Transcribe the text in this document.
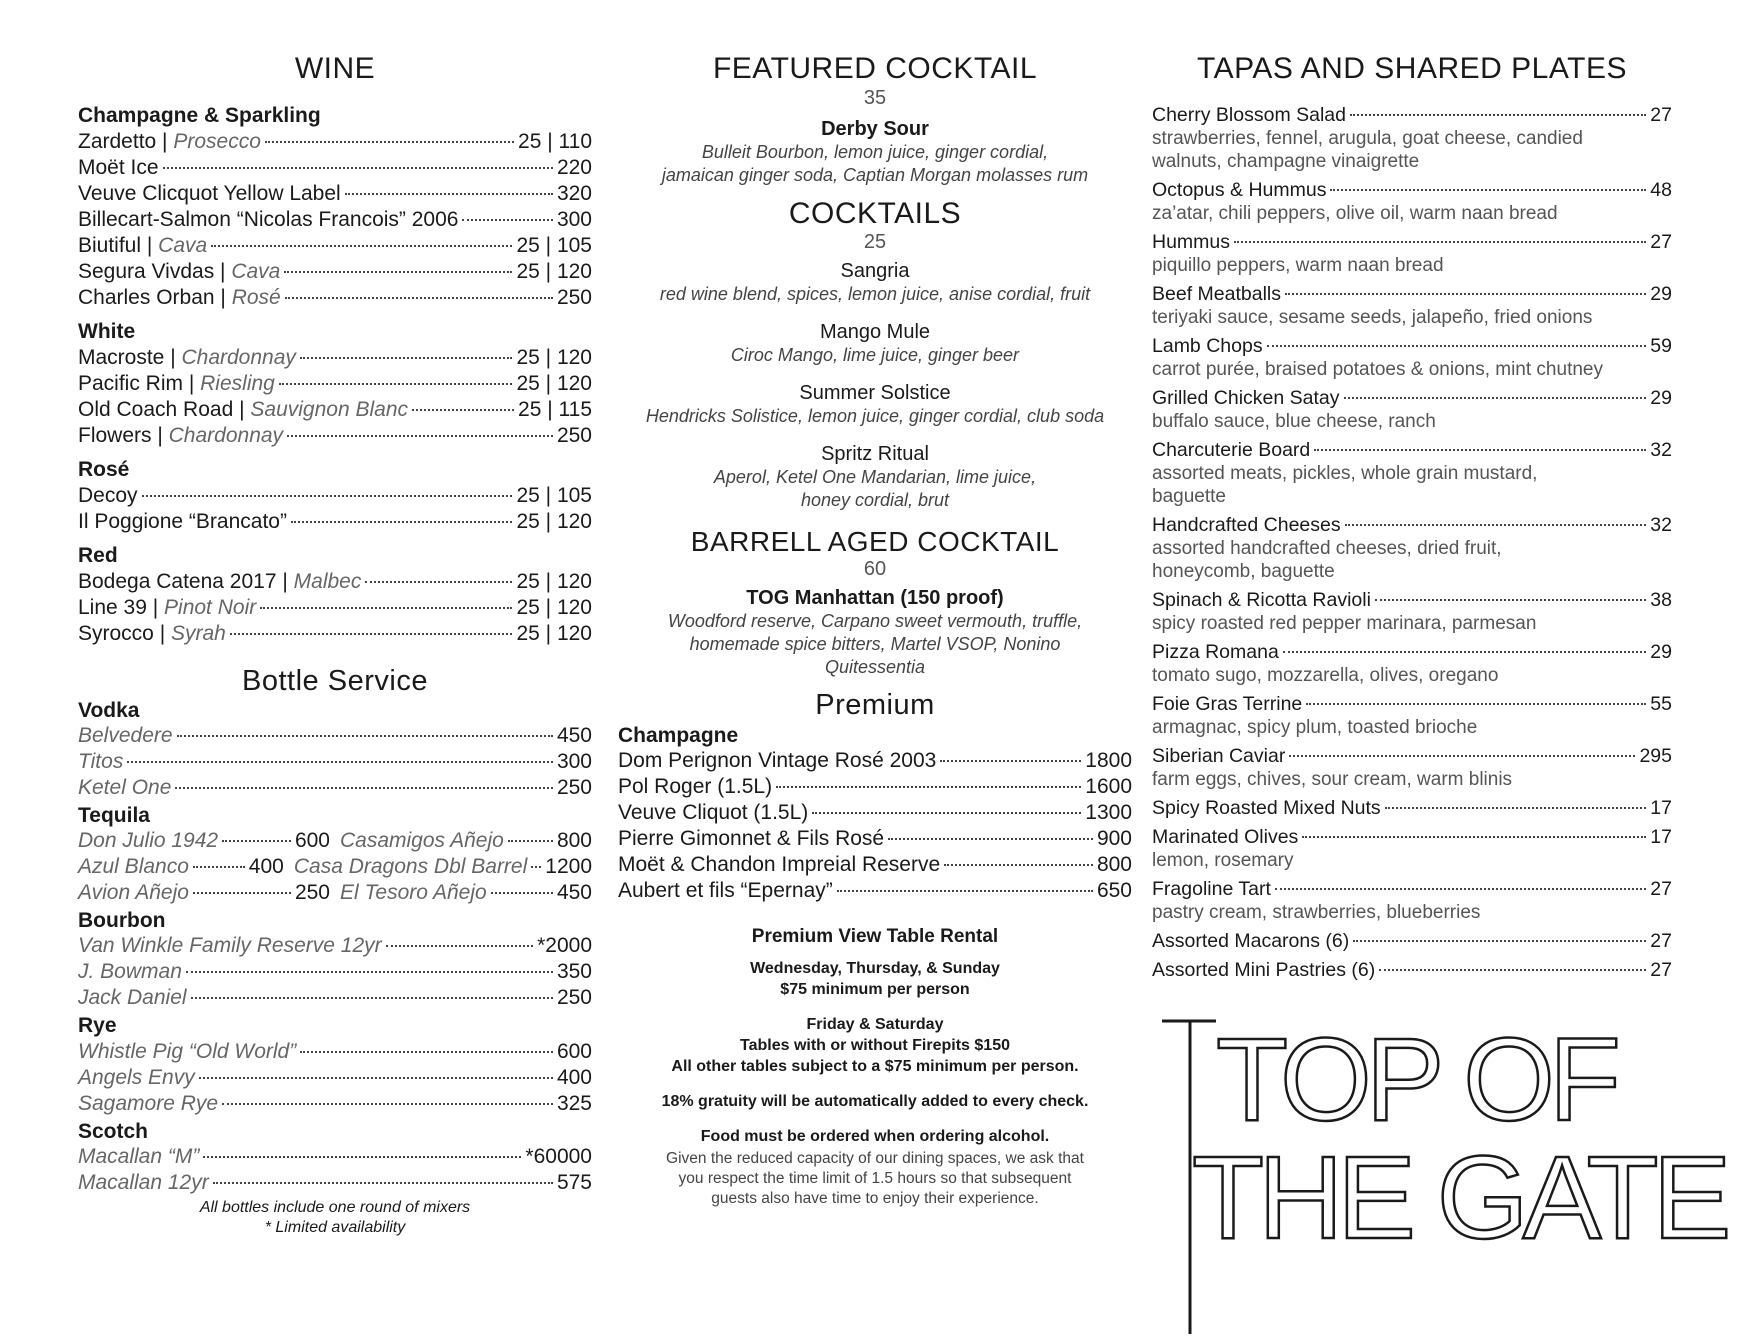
WINE
Champagne & Sparkling
Zardetto | Prosecco	25 | 110
Moët Ice	220
Veuve Clicquot Yellow Label	320
Billecart-Salmon “Nicolas Francois” 2006	300
Biutiful | Cava	25 | 105
Segura Vivdas | Cava	25 | 120
Charles Orban | Rosé	250
White
Macroste | Chardonnay	25 | 120
Pacific Rim | Riesling	25 | 120
Old Coach Road | Sauvignon Blanc	25 | 115
Flowers | Chardonnay	250
Rosé
Decoy	25 | 105
Il Poggione “Brancato”	25 | 120
Red
Bodega Catena 2017 | Malbec	25 | 120
Line 39 | Pinot Noir	25 | 120
Syrocco | Syrah	25 | 120
Bottle Service
Vodka
Belvedere	450
Titos	300
Ketel One	250
Tequila
Don Julio 1942	600 Casamigos Añejo	800
Azul Blanco	400 Casa Dragons Dbl Barrel 1200
Avion Añejo	250 El Tesoro Añejo	450
Bourbon
Van Winkle Family Reserve 12yr	*2000
J. Bowman	350
Jack Daniel	250
Rye
Whistle Pig “Old World”	600
Angels Envy	400
Sagamore Rye	325
Scotch
Macallan “M”	*60000
Macallan 12yr	575
All bottles include one round of mixers
* Limited availability
FEATURED COCKTAIL
35
Derby Sour
Bulleit Bourbon, lemon juice, ginger cordial,
jamaican ginger soda, Captian Morgan molasses rum
COCKTAILS
25
Sangria
red wine blend, spices, lemon juice, anise cordial, fruit
Mango Mule
Ciroc Mango, lime juice, ginger beer
Summer Solstice
Hendricks Solistice, lemon juice, ginger cordial, club soda
Spritz Ritual
Aperol, Ketel One Mandarian, lime juice,
honey cordial, brut
BARRELL AGED COCKTAIL
60
TOG Manhattan (150 proof)
Woodford reserve, Carpano sweet vermouth, truffle,
homemade spice bitters, Martel VSOP, Nonino
Quitessentia
Premium
Champagne
Dom Perignon Vintage Rosé 2003	1800
Pol Roger (1.5L)	1600
Veuve Cliquot (1.5L)	1300
Pierre Gimonnet & Fils Rosé	900
Moët & Chandon Impreial Reserve	800
Aubert et fils “Epernay”	650
Premium View Table Rental
Wednesday, Thursday, & Sunday
$75 minimum per person
Friday & Saturday
Tables with or without Firepits $150
All other tables subject to a $75 minimum per person.
18% gratuity will be automatically added to every check.
Food must be ordered when ordering alcohol.
Given the reduced capacity of our dining spaces, we ask that
you respect the time limit of 1.5 hours so that subsequent
guests also have time to enjoy their experience.
TAPAS AND SHARED PLATES
Cherry Blossom Salad	27
strawberries, fennel, arugula, goat cheese, candied
walnuts, champagne vinaigrette
Octopus & Hummus	48
za’atar, chili peppers, olive oil, warm naan bread
Hummus	27
piquillo peppers, warm naan bread
Beef Meatballs	29
teriyaki sauce, sesame seeds, jalapeño, fried onions
Lamb Chops	59
carrot purée, braised potatoes & onions, mint chutney
Grilled Chicken Satay	29
buffalo sauce, blue cheese, ranch
Charcuterie Board	32
assorted meats, pickles, whole grain mustard,
baguette
Handcrafted Cheeses	32
assorted handcrafted cheeses, dried fruit,
honeycomb, baguette
Spinach & Ricotta Ravioli	38
spicy roasted red pepper marinara, parmesan
Pizza Romana	29
tomato sugo, mozzarella, olives, oregano
Foie Gras Terrine	55
armagnac, spicy plum, toasted brioche
Siberian Caviar	295
farm eggs, chives, sour cream, warm blinis
Spicy Roasted Mixed Nuts	17
Marinated Olives	17
lemon, rosemary
Fragoline Tart	27
pastry cream, strawberries, blueberries
Assorted Macarons (6)	27
Assorted Mini Pastries (6)	27
TOP OF
THE GATE
